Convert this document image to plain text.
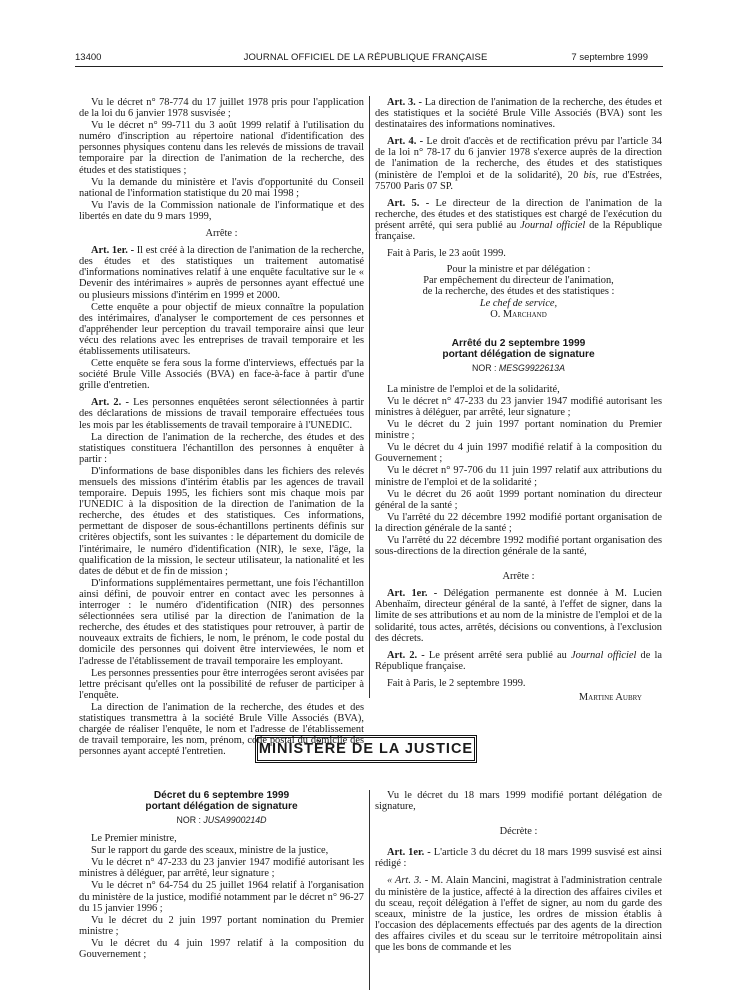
13400	JOURNAL OFFICIEL DE LA RÉPUBLIQUE FRANÇAISE	7 septembre 1999

Vu le décret n° 78-774 du 17 juillet 1978 pris pour l'application de la loi du 6 janvier 1978 susvisée ;

Vu le décret n° 99-711 du 3 août 1999 relatif à l'utilisation du numéro d'inscription au répertoire national d'identification des personnes physiques contenu dans les relevés de missions de travail temporaire par la direction de l'animation de la recherche, des études et des statistiques ;

Vu la demande du ministère et l'avis d'opportunité du Conseil national de l'information statistique du 20 mai 1998 ;

Vu l'avis de la Commission nationale de l'informatique et des libertés en date du 9 mars 1999,

Arrête :

Art. 1er. - Il est créé à la direction de l'animation de la recherche, des études et des statistiques un traitement automatisé d'informations nominatives relatif à une enquête facultative sur le « Devenir des intérimaires » auprès de personnes ayant effectué une ou plusieurs missions d'intérim en 1999 et 2000.

Cette enquête a pour objectif de mieux connaître la population des intérimaires, d'analyser le comportement de ces personnes et d'appréhender leur perception du travail temporaire ainsi que leur vécu des relations avec les entreprises de travail temporaire et les établissements utilisateurs.

Cette enquête se fera sous la forme d'interviews, effectués par la société Brule Ville Associés (BVA) en face-à-face à partir d'une grille d'entretien.

Art. 2. - Les personnes enquêtées seront sélectionnées à partir des déclarations de missions de travail temporaire effectuées tous les mois par les établissements de travail temporaire à l'UNEDIC.

La direction de l'animation de la recherche, des études et des statistiques constituera l'échantillon des personnes à enquêter à partir :

D'informations de base disponibles dans les fichiers des relevés mensuels des missions d'intérim établis par les agences de travail temporaire. Depuis 1995, les fichiers sont mis chaque mois par l'UNEDIC à la disposition de la direction de l'animation de la recherche, des études et des statistiques. Ces informations, permettant de disposer de sous-échantillons pertinents définis sur critères objectifs, sont les suivantes : le département du domicile de l'intérimaire, le numéro d'identification (NIR), le sexe, l'âge, la qualification de la mission, le secteur utilisateur, la nationalité et les dates de début et de fin de mission ;

D'informations supplémentaires permettant, une fois l'échantillon ainsi défini, de pouvoir entrer en contact avec les personnes à interroger : le numéro d'identification (NIR) des personnes sélectionnées sera utilisé par la direction de l'animation de la recherche, des études et des statistiques pour retrouver, à partir de nouveaux extraits de fichiers, le nom, le prénom, le code postal du domicile des personnes qui doivent être interviewées, le nom et l'adresse de l'établissement de travail temporaire les employant.

Les personnes pressenties pour être interrogées seront avisées par lettre précisant qu'elles ont la possibilité de refuser de participer à l'enquête.

La direction de l'animation de la recherche, des études et des statistiques transmettra à la société Brule Ville Associés (BVA), chargée de réaliser l'enquête, le nom et l'adresse de l'établissement de travail temporaire, les nom, prénom, code postal du domicile des personnes ayant accepté l'entretien.

Art. 3. - La direction de l'animation de la recherche, des études et des statistiques et la société Brule Ville Associés (BVA) sont les destinataires des informations nominatives.

Art. 4. - Le droit d'accès et de rectification prévu par l'article 34 de la loi n° 78-17 du 6 janvier 1978 s'exerce auprès de la direction de l'animation de la recherche, des études et des statistiques (ministère de l'emploi et de la solidarité), 20 bis, rue d'Estrées, 75700 Paris 07 SP.

Art. 5. - Le directeur de la direction de l'animation de la recherche, des études et des statistiques est chargé de l'exécution du présent arrêté, qui sera publié au Journal officiel de la République française.

Fait à Paris, le 23 août 1999.

Pour la ministre et par délégation :

Par empêchement du directeur de l'animation,

de la recherche, des études et des statistiques :

Le chef de service,

O. Marchand

Arrêté du 2 septembre 1999

portant délégation de signature

NOR : MESG9922613A

La ministre de l'emploi et de la solidarité,

Vu le décret n° 47-233 du 23 janvier 1947 modifié autorisant les ministres à déléguer, par arrêté, leur signature ;

Vu le décret du 2 juin 1997 portant nomination du Premier ministre ;

Vu le décret du 4 juin 1997 modifié relatif à la composition du Gouvernement ;

Vu le décret n° 97-706 du 11 juin 1997 relatif aux attributions du ministre de l'emploi et de la solidarité ;

Vu le décret du 26 août 1999 portant nomination du directeur général de la santé ;

Vu l'arrêté du 22 décembre 1992 modifié portant organisation de la direction générale de la santé ;

Vu l'arrêté du 22 décembre 1992 modifié portant organisation des sous-directions de la direction générale de la santé,

Arrête :

Art. 1er. - Délégation permanente est donnée à M. Lucien Abenhaïm, directeur général de la santé, à l'effet de signer, dans la limite de ses attributions et au nom de la ministre de l'emploi et de la solidarité, tous actes, arrêtés, décisions ou conventions, à l'exclusion des décrets.

Art. 2. - Le présent arrêté sera publié au Journal officiel de la République française.

Fait à Paris, le 2 septembre 1999.

Martine Aubry

MINISTÈRE DE LA JUSTICE

Décret du 6 septembre 1999

portant délégation de signature

NOR : JUSA9900214D

Le Premier ministre,

Sur le rapport du garde des sceaux, ministre de la justice,

Vu le décret n° 47-233 du 23 janvier 1947 modifié autorisant les ministres à déléguer, par arrêté, leur signature ;

Vu le décret n° 64-754 du 25 juillet 1964 relatif à l'organisation du ministère de la justice, modifié notamment par le décret n° 96-27 du 15 janvier 1996 ;

Vu le décret du 2 juin 1997 portant nomination du Premier ministre ;

Vu le décret du 4 juin 1997 relatif à la composition du Gouvernement ;

Vu le décret du 18 mars 1999 modifié portant délégation de signature,

Décrète :

Art. 1er. - L'article 3 du décret du 18 mars 1999 susvisé est ainsi rédigé :

« Art. 3. - M. Alain Mancini, magistrat à l'administration centrale du ministère de la justice, affecté à la direction des affaires civiles et du sceau, reçoit délégation à l'effet de signer, au nom du garde des sceaux, ministre de la justice, les ordres de mission établis à l'occasion des déplacements effectués par des agents de la direction des affaires civiles et du sceau sur le territoire métropolitain ainsi que les bons de commande et les
